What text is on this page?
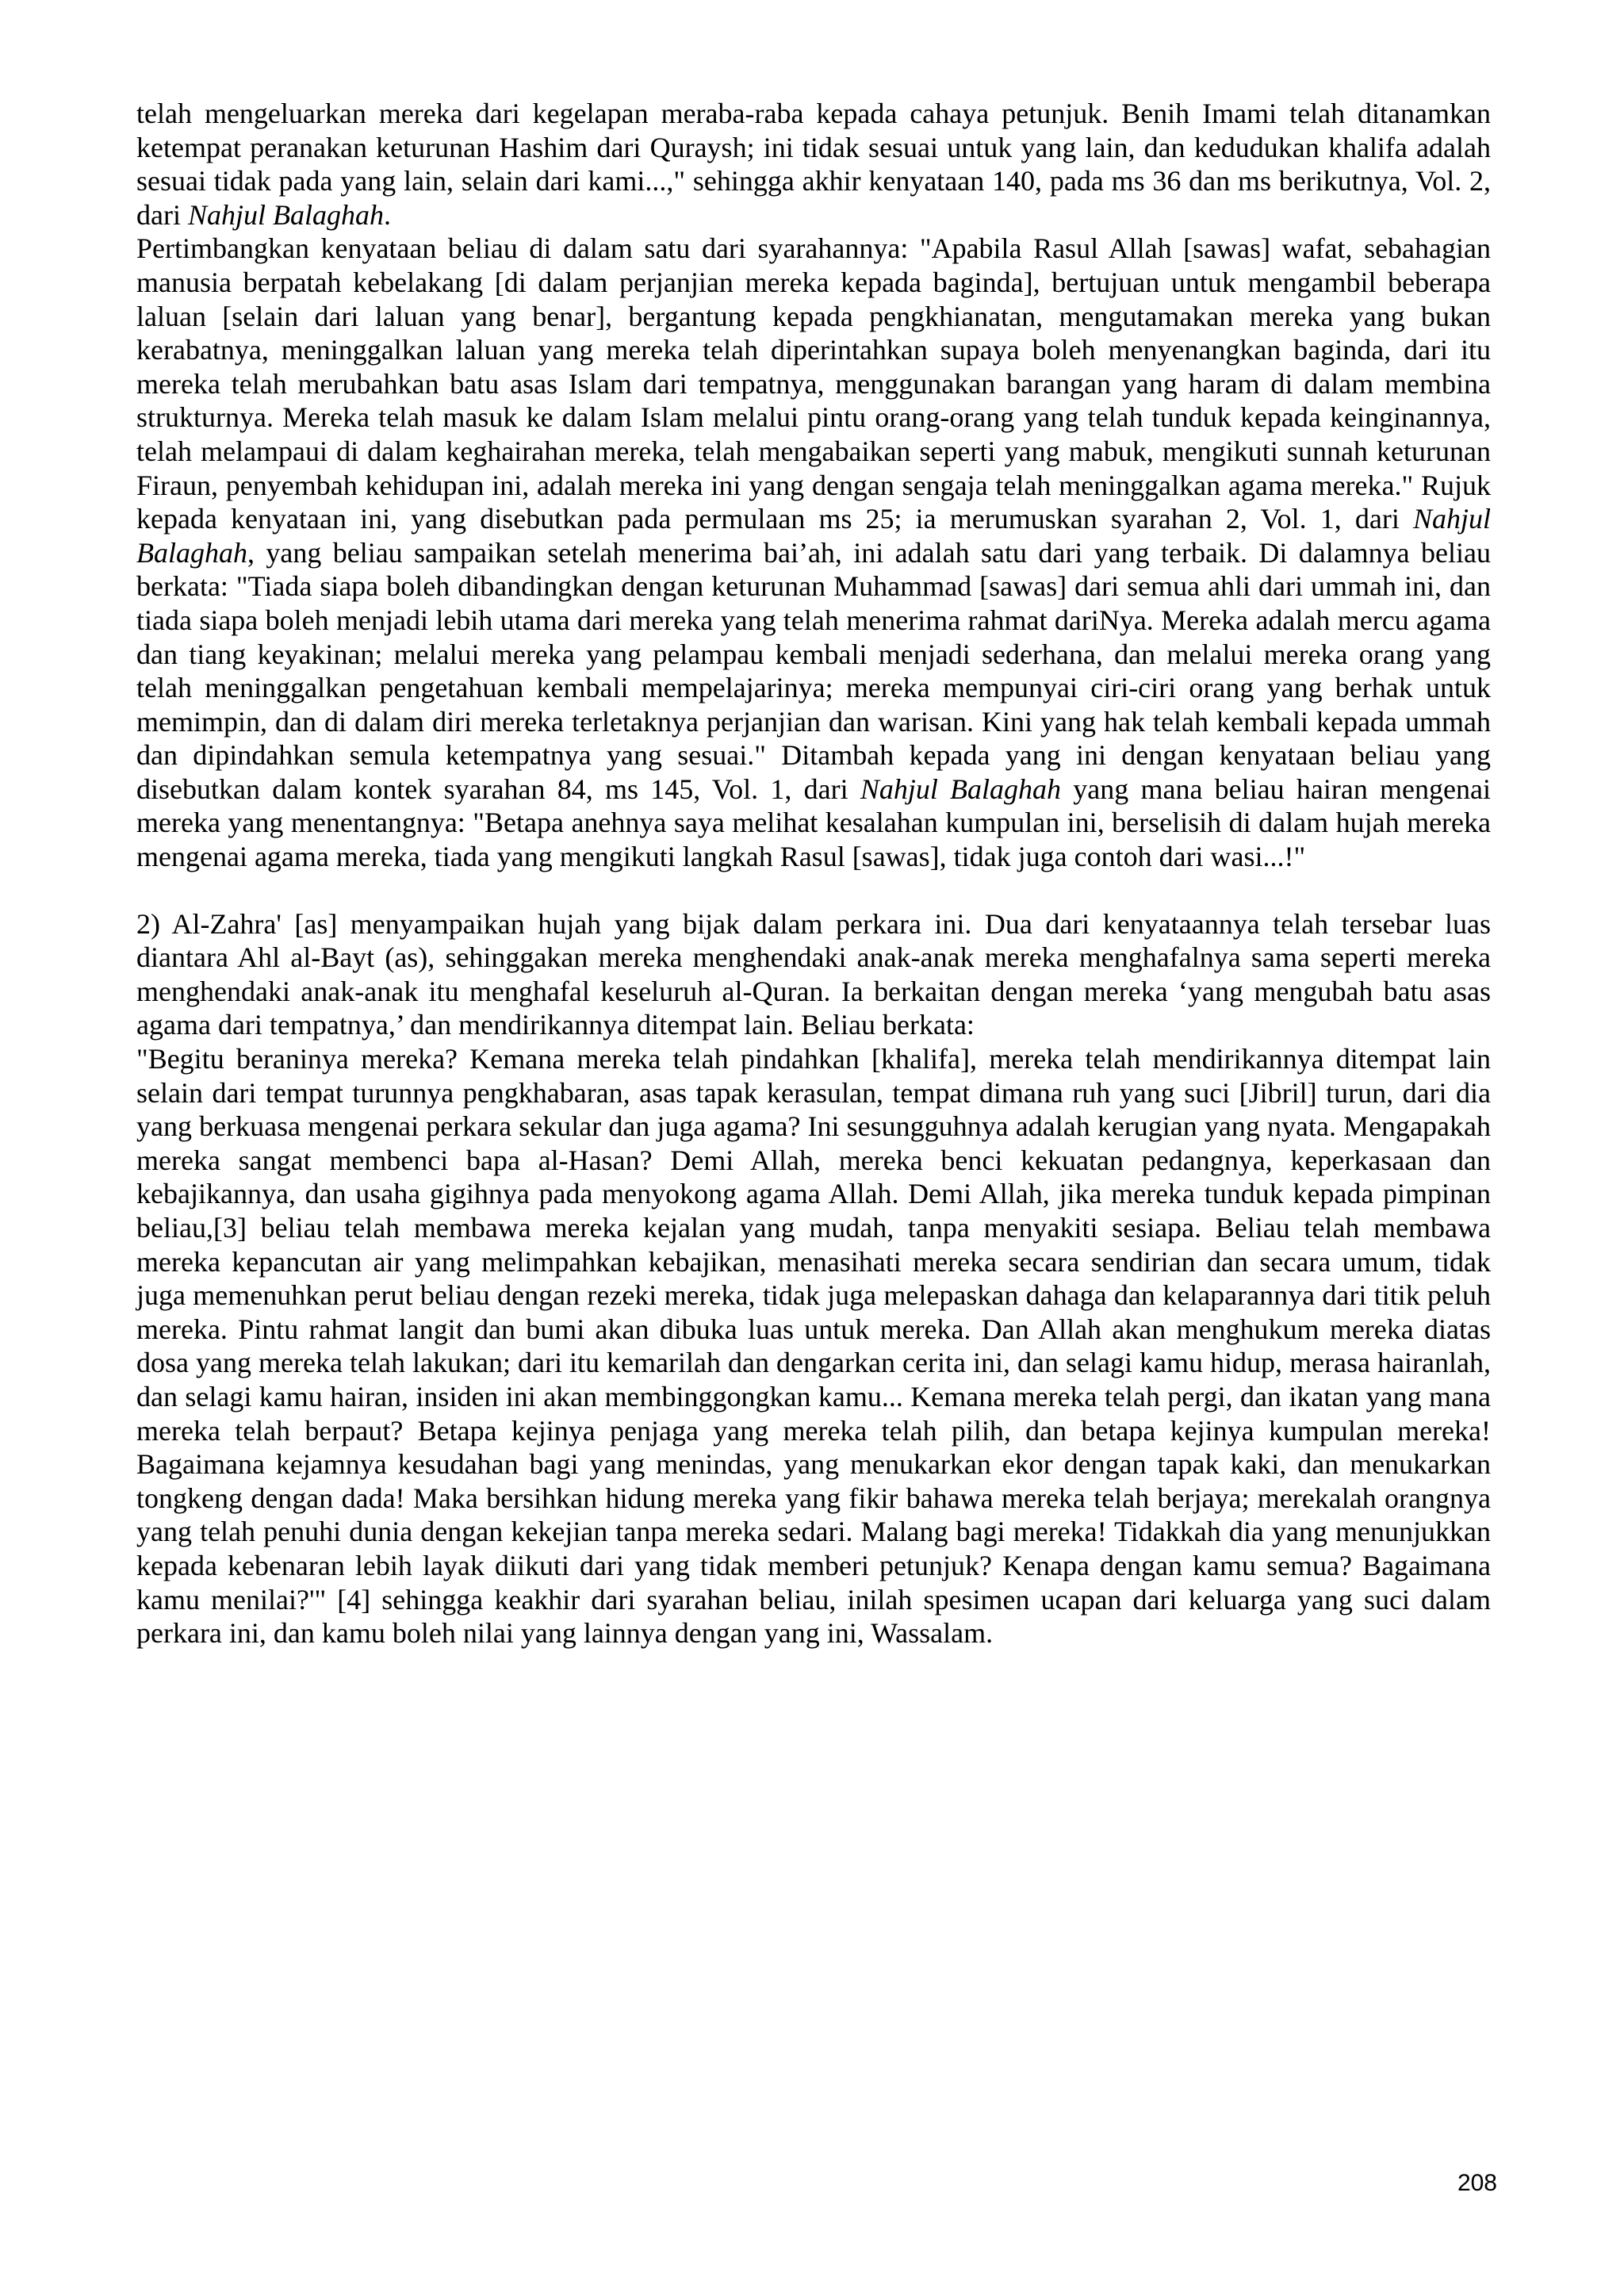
telah mengeluarkan mereka dari kegelapan meraba-raba kepada cahaya petunjuk. Benih Imami telah ditanamkan ketempat peranakan keturunan Hashim dari Quraysh; ini tidak sesuai untuk yang lain, dan kedudukan khalifa adalah sesuai tidak pada yang lain, selain dari kami...," sehingga akhir kenyataan 140, pada ms 36 dan ms berikutnya, Vol. 2, dari Nahjul Balaghah.

Pertimbangkan kenyataan beliau di dalam satu dari syarahannya: "Apabila Rasul Allah [sawas] wafat, sebahagian manusia berpatah kebelakang [di dalam perjanjian mereka kepada baginda], bertujuan untuk mengambil beberapa laluan [selain dari laluan yang benar], bergantung kepada pengkhianatan, mengutamakan mereka yang bukan kerabatnya, meninggalkan laluan yang mereka telah diperintahkan supaya boleh menyenangkan baginda, dari itu mereka telah merubahkan batu asas Islam dari tempatnya, menggunakan barangan yang haram di dalam membina strukturnya. Mereka telah masuk ke dalam Islam melalui pintu orang-orang yang telah tunduk kepada keinginannya, telah melampaui di dalam keghairahan mereka, telah mengabaikan seperti yang mabuk, mengikuti sunnah keturunan Firaun, penyembah kehidupan ini, adalah mereka ini yang dengan sengaja telah meninggalkan agama mereka." Rujuk kepada kenyataan ini, yang disebutkan pada permulaan ms 25; ia merumuskan syarahan 2, Vol. 1, dari Nahjul Balaghah, yang beliau sampaikan setelah menerima bai’ah, ini adalah satu dari yang terbaik. Di dalamnya beliau berkata: "Tiada siapa boleh dibandingkan dengan keturunan Muhammad [sawas] dari semua ahli dari ummah ini, dan tiada siapa boleh menjadi lebih utama dari mereka yang telah menerima rahmat dariNya. Mereka adalah mercu agama dan tiang keyakinan; melalui mereka yang pelampau kembali menjadi sederhana, dan melalui mereka orang yang telah meninggalkan pengetahuan kembali mempelajarinya; mereka mempunyai ciri-ciri orang yang berhak untuk memimpin, dan di dalam diri mereka terletaknya perjanjian dan warisan. Kini yang hak telah kembali kepada ummah dan dipindahkan semula ketempatnya yang sesuai." Ditambah kepada yang ini dengan kenyataan beliau yang disebutkan dalam kontek syarahan 84, ms 145, Vol. 1, dari Nahjul Balaghah yang mana beliau hairan mengenai mereka yang menentangnya: "Betapa anehnya saya melihat kesalahan kumpulan ini, berselisih di dalam hujah mereka mengenai agama mereka, tiada yang mengikuti langkah Rasul [sawas], tidak juga contoh dari wasi...!"

2) Al-Zahra' [as] menyampaikan hujah yang bijak dalam perkara ini. Dua dari kenyataannya telah tersebar luas diantara Ahl al-Bayt (as), sehinggakan mereka menghendaki anak-anak mereka menghafalnya sama seperti mereka menghendaki anak-anak itu menghafal keseluruh al-Quran. Ia berkaitan dengan mereka ‘yang mengubah batu asas agama dari tempatnya,’ dan mendirikannya ditempat lain. Beliau berkata:

"Begitu beraninya mereka? Kemana mereka telah pindahkan [khalifa], mereka telah mendirikannya ditempat lain selain dari tempat turunnya pengkhabaran, asas tapak kerasulan, tempat dimana ruh yang suci [Jibril] turun, dari dia yang berkuasa mengenai perkara sekular dan juga agama? Ini sesungguhnya adalah kerugian yang nyata. Mengapakah mereka sangat membenci bapa al-Hasan? Demi Allah, mereka benci kekuatan pedangnya, keperkasaan dan kebajikannya, dan usaha gigihnya pada menyokong agama Allah. Demi Allah, jika mereka tunduk kepada pimpinan beliau,[3] beliau telah membawa mereka kejalan yang mudah, tanpa menyakiti sesiapa. Beliau telah membawa mereka kepancutan air yang melimpahkan kebajikan, menasihati mereka secara sendirian dan secara umum, tidak juga memenuhkan perut beliau dengan rezeki mereka, tidak juga melepaskan dahaga dan kelaparannya dari titik peluh mereka. Pintu rahmat langit dan bumi akan dibuka luas untuk mereka. Dan Allah akan menghukum mereka diatas dosa yang mereka telah lakukan; dari itu kemarilah dan dengarkan cerita ini, dan selagi kamu hidup, merasa hairanlah, dan selagi kamu hairan, insiden ini akan membinggongkan kamu... Kemana mereka telah pergi, dan ikatan yang mana mereka telah berpaut? Betapa kejinya penjaga yang mereka telah pilih, dan betapa kejinya kumpulan mereka! Bagaimana kejamnya kesudahan bagi yang menindas, yang menukarkan ekor dengan tapak kaki, dan menukarkan tongkeng dengan dada! Maka bersihkan hidung mereka yang fikir bahawa mereka telah berjaya; merekalah orangnya yang telah penuhi dunia dengan kekejian tanpa mereka sedari. Malang bagi mereka! Tidakkah dia yang menunjukkan kepada kebenaran lebih layak diikuti dari yang tidak memberi petunjuk? Kenapa dengan kamu semua? Bagaimana kamu menilai?'" [4] sehingga keakhir dari syarahan beliau, inilah spesimen ucapan dari keluarga yang suci dalam perkara ini, dan kamu boleh nilai yang lainnya dengan yang ini, Wassalam.

208
